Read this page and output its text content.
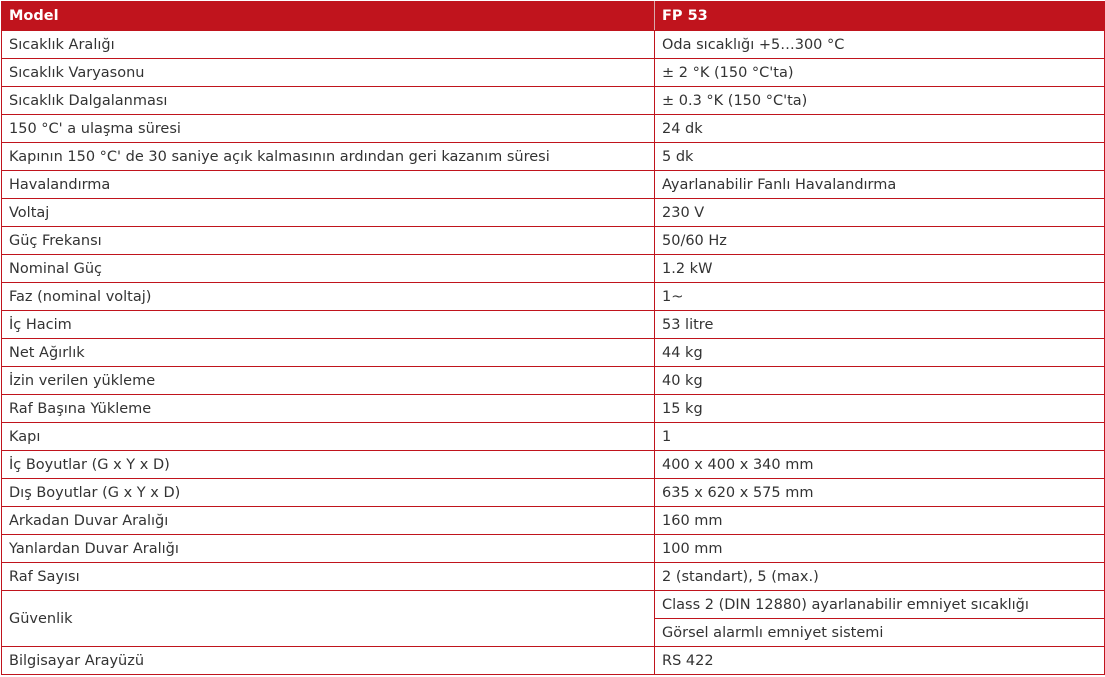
Model	FP 53
Sıcaklık Aralığı	Oda sıcaklığı +5…300 °C
Sıcaklık Varyasonu	± 2 °K (150 °C'ta)
Sıcaklık Dalgalanması	± 0.3 °K (150 °C'ta)
150 °C' a ulaşma süresi	24 dk
Kapının 150 °C' de 30 saniye açık kalmasının ardından geri kazanım süresi	5 dk
Havalandırma	Ayarlanabilir Fanlı Havalandırma
Voltaj	230 V
Güç Frekansı	50/60 Hz
Nominal Güç	1.2 kW
Faz (nominal voltaj)	1~
İç Hacim	53 litre
Net Ağırlık	44 kg
İzin verilen yükleme	40 kg
Raf Başına Yükleme	15 kg
Kapı	1
İç Boyutlar (G x Y x D)	400 x 400 x 340 mm
Dış Boyutlar (G x Y x D)	635 x 620 x 575 mm
Arkadan Duvar Aralığı	160 mm
Yanlardan Duvar Aralığı	100 mm
Raf Sayısı	2 (standart), 5 (max.)
Güvenlik	Class 2 (DIN 12880) ayarlanabilir emniyet sıcaklığı
	Görsel alarmlı emniyet sistemi
Bilgisayar Arayüzü	RS 422
